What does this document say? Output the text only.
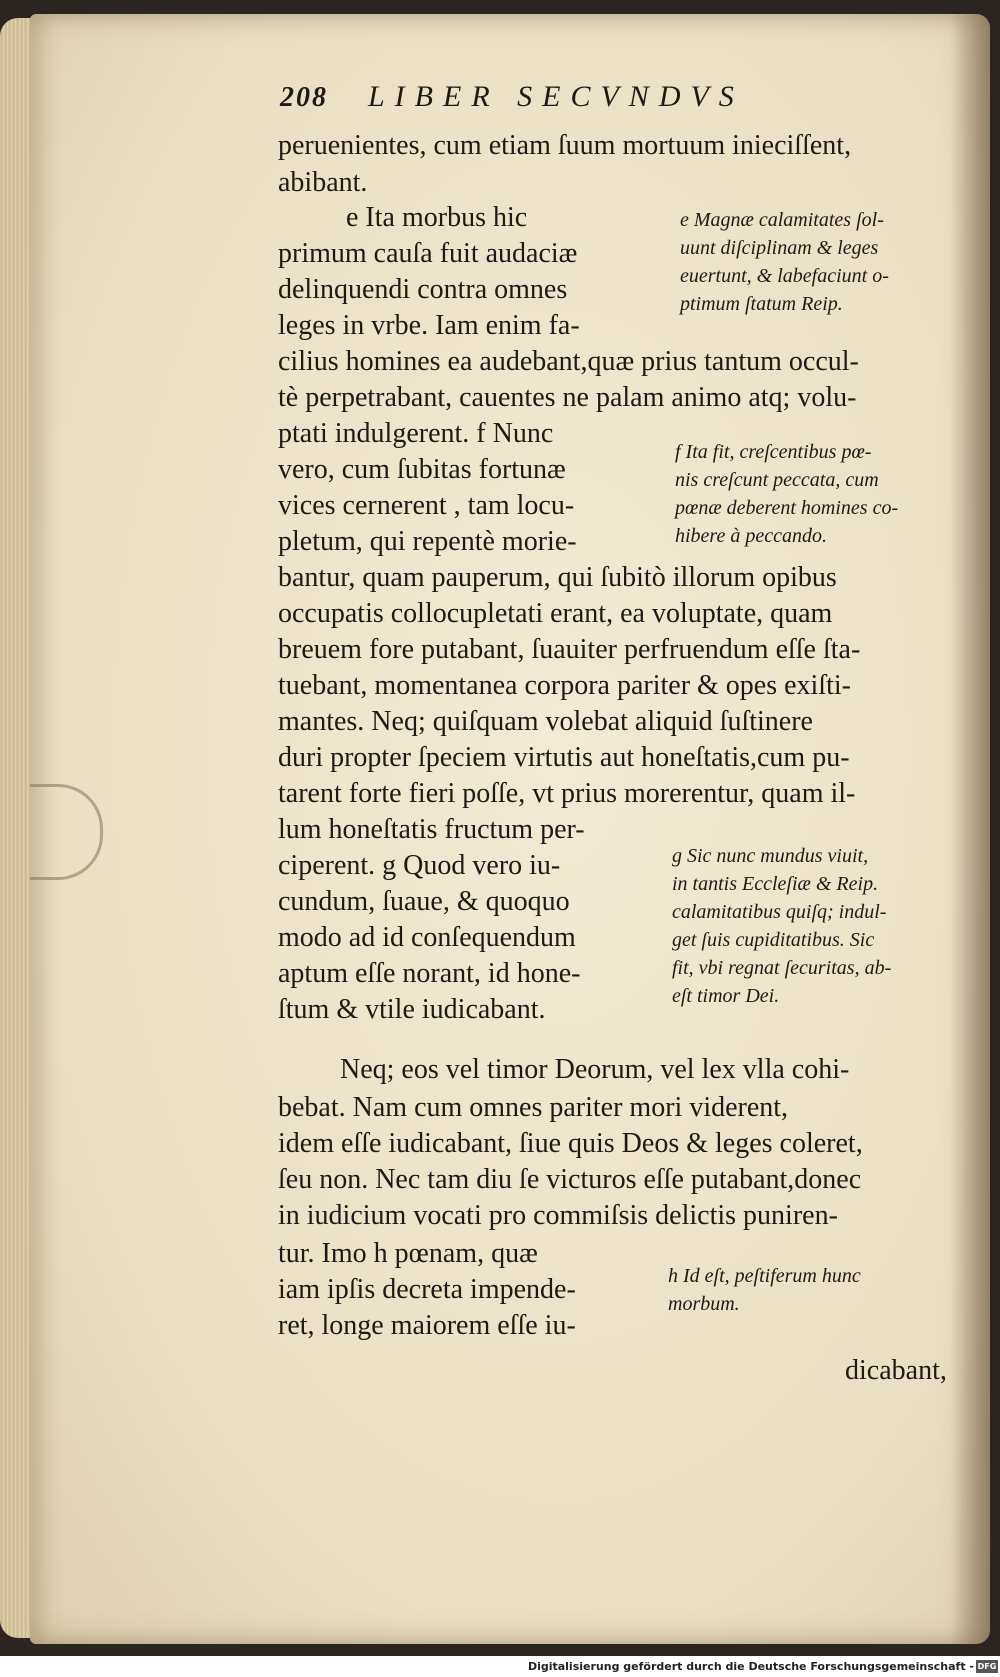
208 LIBER SECVNDVS
peruenientes, cum etiam ſuum mortuum inieciſſent,
abibant.
e Ita morbus hic
primum cauſa fuit audaciæ
delinquendi contra omnes
leges in vrbe. Iam enim fa-
cilius homines ea audebant,quæ prius tantum occul-
tè perpetrabant, cauentes ne palam animo atq; volu-
ptati indulgerent. f Nunc
vero, cum ſubitas fortunæ
vices cernerent , tam locu-
pletum, qui repentè morie-
bantur, quam pauperum, qui ſubitò illorum opibus
occupatis collocupletati erant, ea voluptate, quam
breuem fore putabant, ſuauiter perfruendum eſſe ſta-
tuebant, momentanea corpora pariter & opes exiſti-
mantes. Neq; quiſquam volebat aliquid ſuſtinere
duri propter ſpeciem virtutis aut honeſtatis,cum pu-
tarent forte fieri poſſe, vt prius morerentur, quam il-
lum honeſtatis fructum per-
ciperent. g Quod vero iu-
cundum, ſuaue, & quoquo
modo ad id conſequendum
aptum eſſe norant, id hone-
ſtum & vtile iudicabant.
Neq; eos vel timor Deorum, vel lex vlla cohi-
bebat. Nam cum omnes pariter mori viderent,
idem eſſe iudicabant, ſiue quis Deos & leges coleret,
ſeu non. Nec tam diu ſe victuros eſſe putabant,donec
in iudicium vocati pro commiſsis delictis puniren-
tur. Imo h pœnam, quæ
iam ipſis decreta impende-
ret, longe maiorem eſſe iu-
e Magnæ calamitates ſol-
uunt diſciplinam & leges
euertunt, & labefaciunt o-
ptimum ſtatum Reip.
f Ita fit, creſcentibus pœ-
nis creſcunt peccata, cum
pœnæ deberent homines co-
hibere à peccando.
g Sic nunc mundus viuit,
in tantis Eccleſiæ & Reip.
calamitatibus quiſq; indul-
get ſuis cupiditatibus. Sic
fit, vbi regnat ſecuritas, ab-
eſt timor Dei.
h Id eſt, peſtiferum hunc
morbum.
dicabant,
Digitalisierung gefördert durch die Deutsche Forschungsgemeinschaft - DFG
